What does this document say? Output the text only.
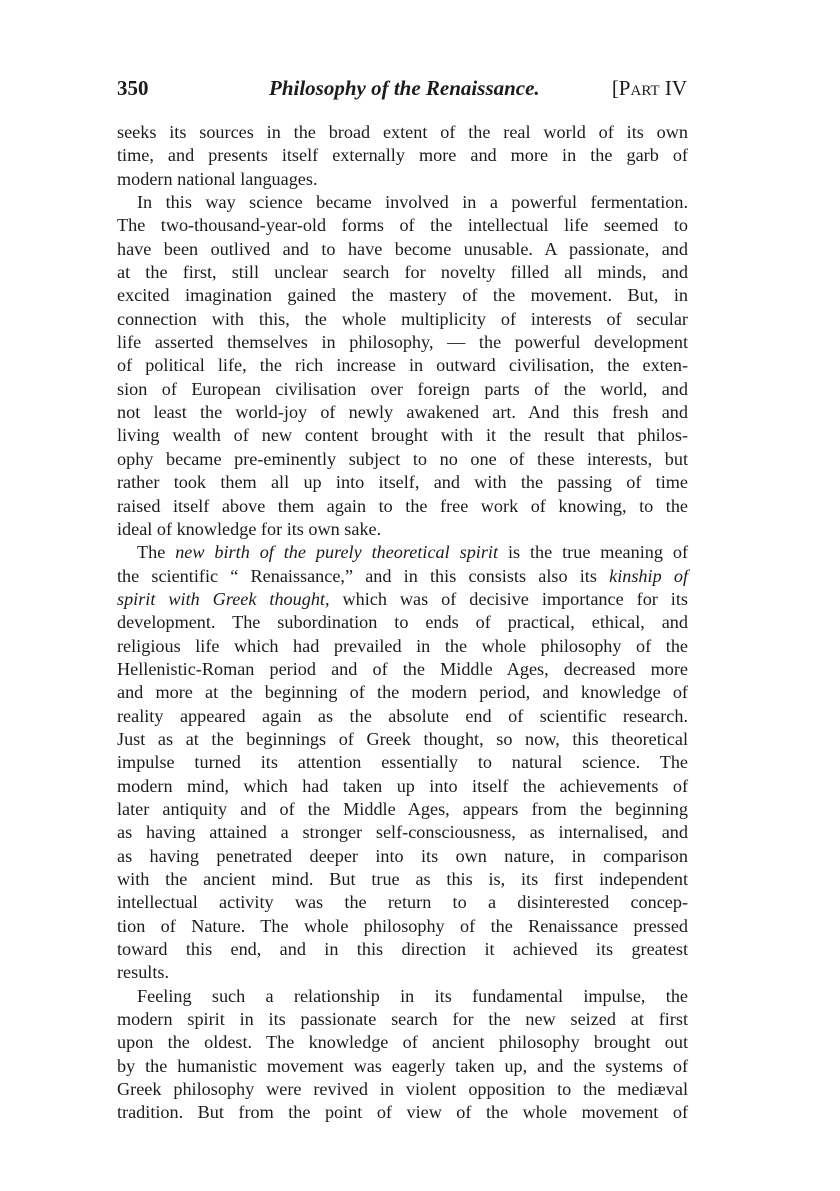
350	Philosophy of the Renaissance.	[Part IV
seeks its sources in the broad extent of the real world of its own
time, and presents itself externally more and more in the garb of
modern national languages.
In this way science became involved in a powerful fermentation.
The two-thousand-year-old forms of the intellectual life seemed to
have been outlived and to have become unusable. A passionate, and
at the first, still unclear search for novelty filled all minds, and
excited imagination gained the mastery of the movement. But, in
connection with this, the whole multiplicity of interests of secular
life asserted themselves in philosophy, — the powerful development
of political life, the rich increase in outward civilisation, the exten-
sion of European civilisation over foreign parts of the world, and
not least the world-joy of newly awakened art. And this fresh and
living wealth of new content brought with it the result that philos-
ophy became pre-eminently subject to no one of these interests, but
rather took them all up into itself, and with the passing of time
raised itself above them again to the free work of knowing, to the
ideal of knowledge for its own sake.
The new birth of the purely theoretical spirit is the true meaning of
the scientific “ Renaissance,” and in this consists also its kinship of
spirit with Greek thought, which was of decisive importance for its
development. The subordination to ends of practical, ethical, and
religious life which had prevailed in the whole philosophy of the
Hellenistic-Roman period and of the Middle Ages, decreased more
and more at the beginning of the modern period, and knowledge of
reality appeared again as the absolute end of scientific research.
Just as at the beginnings of Greek thought, so now, this theoretical
impulse turned its attention essentially to natural science. The
modern mind, which had taken up into itself the achievements of
later antiquity and of the Middle Ages, appears from the beginning
as having attained a stronger self-consciousness, as internalised, and
as having penetrated deeper into its own nature, in comparison
with the ancient mind. But true as this is, its first independent
intellectual activity was the return to a disinterested concep-
tion of Nature. The whole philosophy of the Renaissance pressed
toward this end, and in this direction it achieved its greatest
results.
Feeling such a relationship in its fundamental impulse, the
modern spirit in its passionate search for the new seized at first
upon the oldest. The knowledge of ancient philosophy brought out
by the humanistic movement was eagerly taken up, and the systems of
Greek philosophy were revived in violent opposition to the mediæval
tradition. But from the point of view of the whole movement of
